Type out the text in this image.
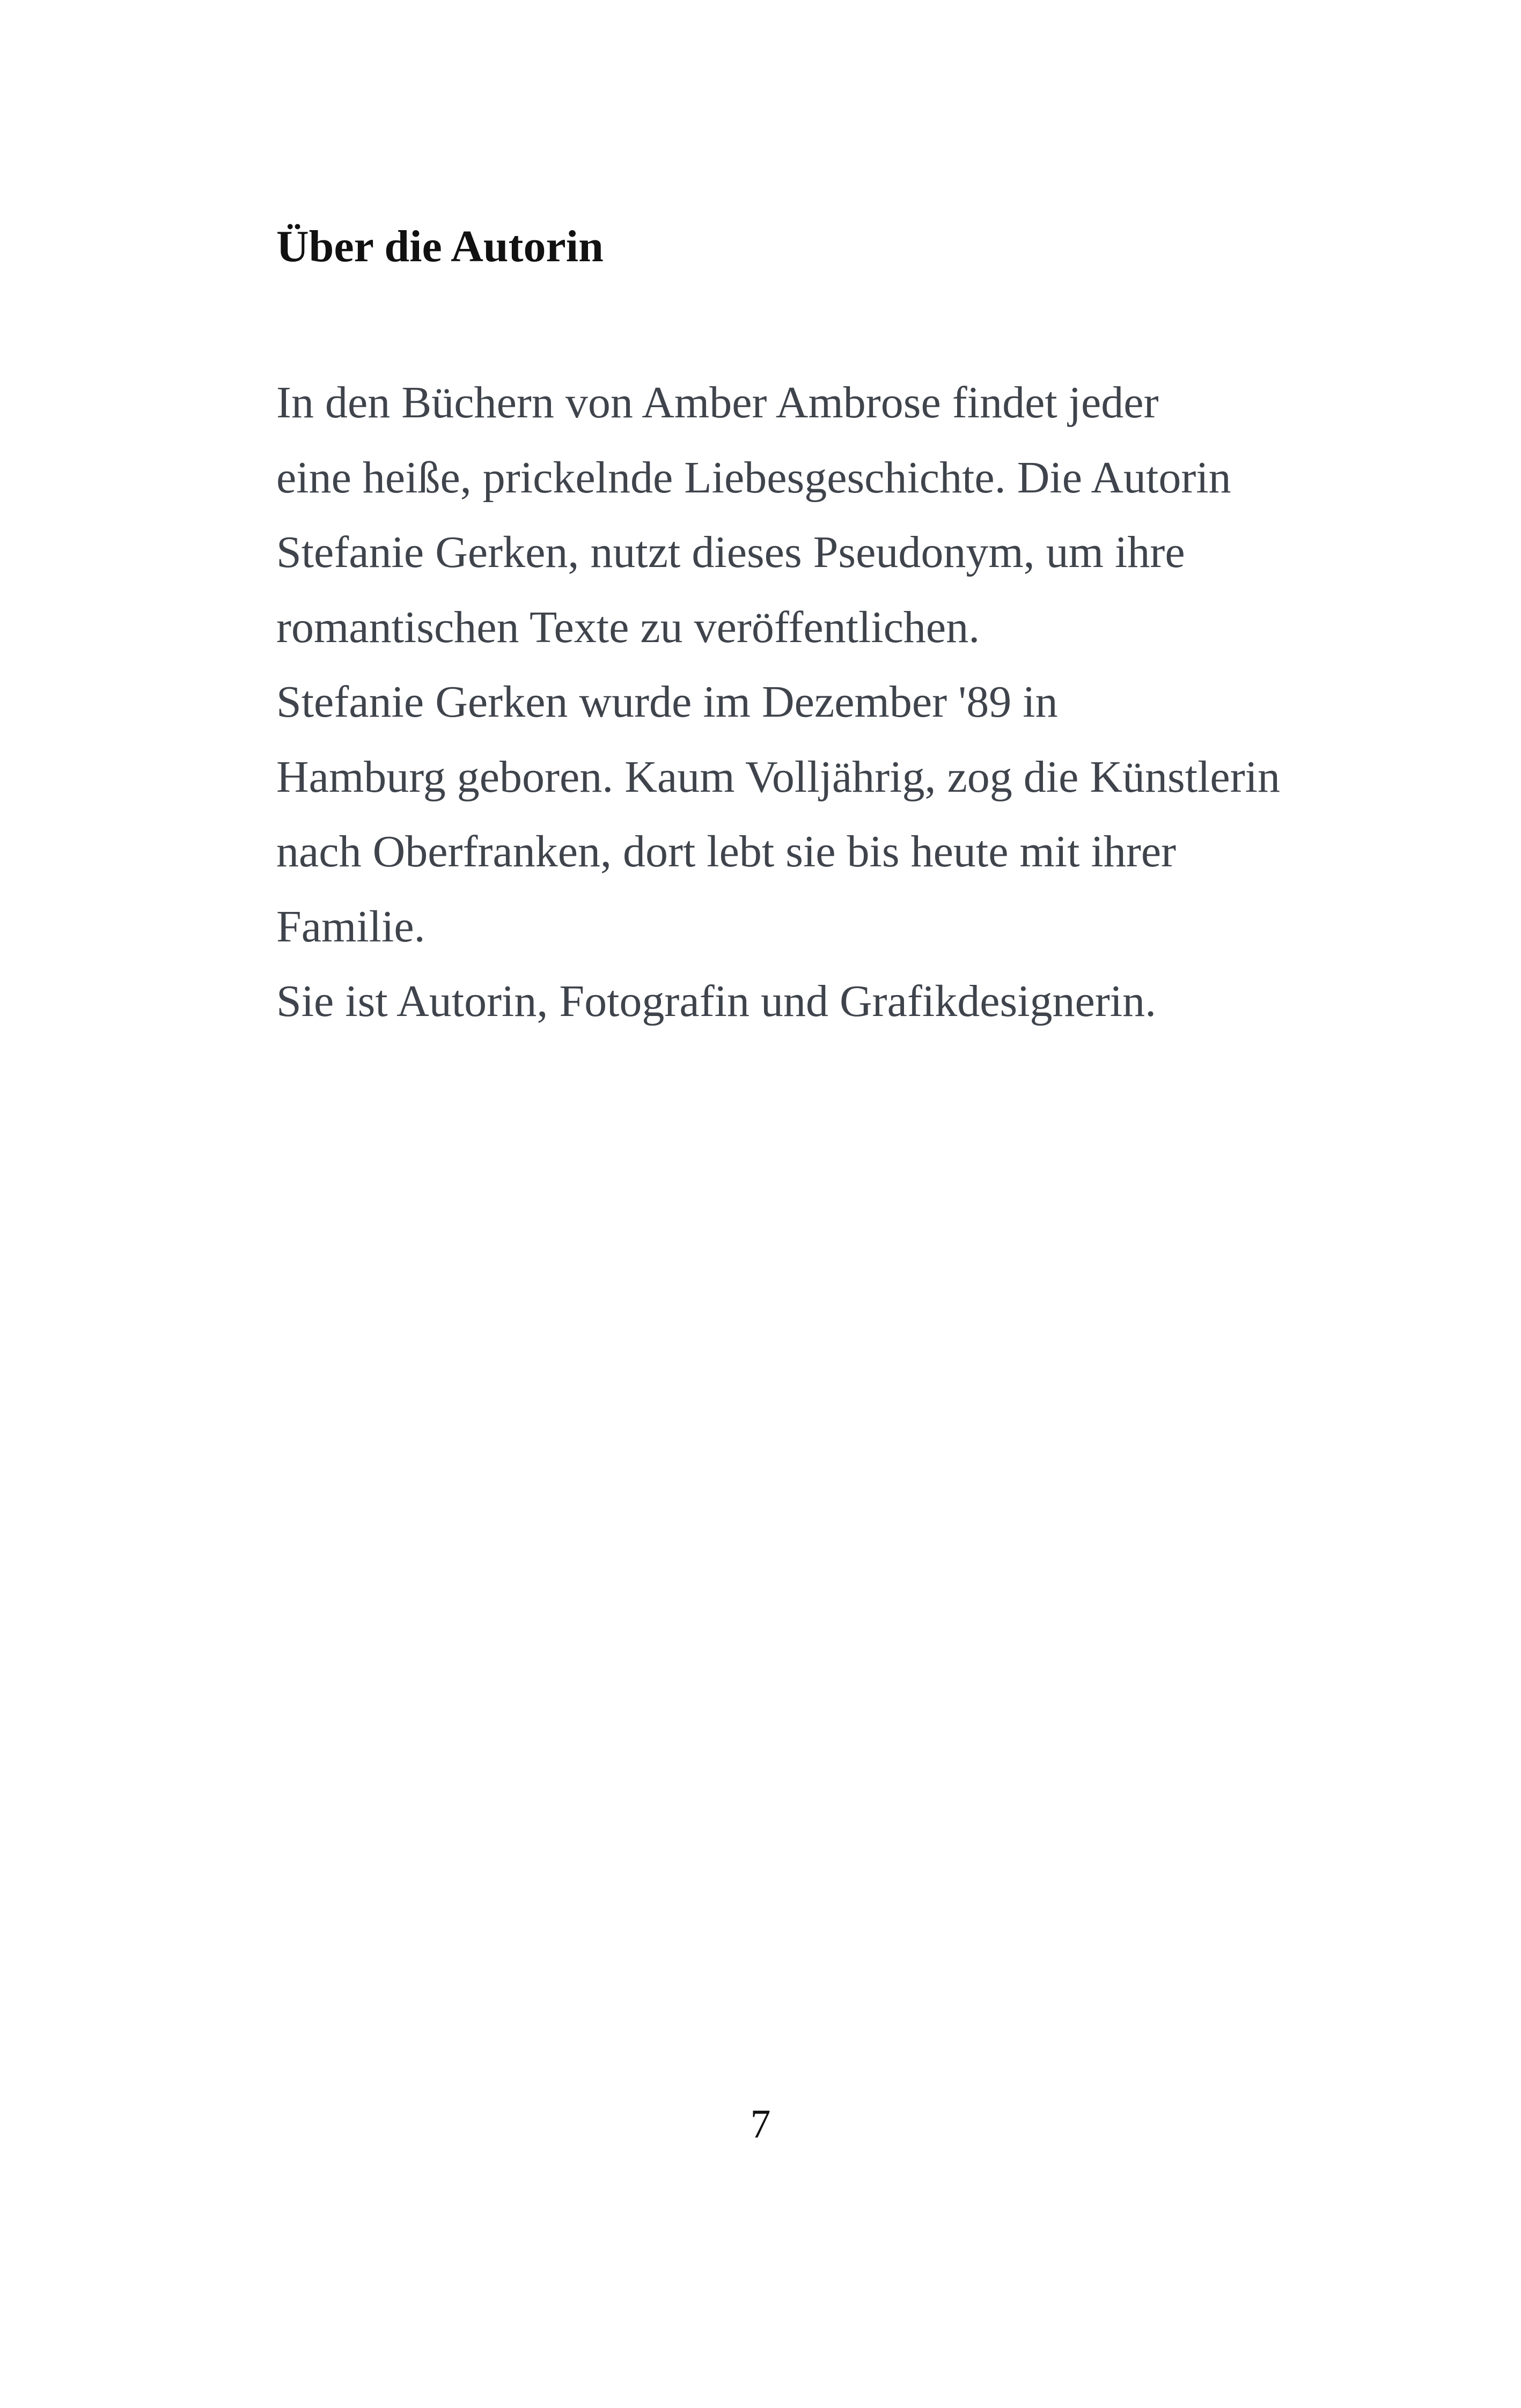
Über die Autorin

In den Büchern von Amber Ambrose findet jeder
eine heiße, prickelnde Liebesgeschichte. Die Autorin
Stefanie Gerken, nutzt dieses Pseudonym, um ihre
romantischen Texte zu veröffentlichen.

Stefanie Gerken wurde im Dezember '89 in
Hamburg geboren. Kaum Volljährig, zog die Künstlerin
nach Oberfranken, dort lebt sie bis heute mit ihrer
Familie.

Sie ist Autorin, Fotografin und Grafikdesignerin.

7
